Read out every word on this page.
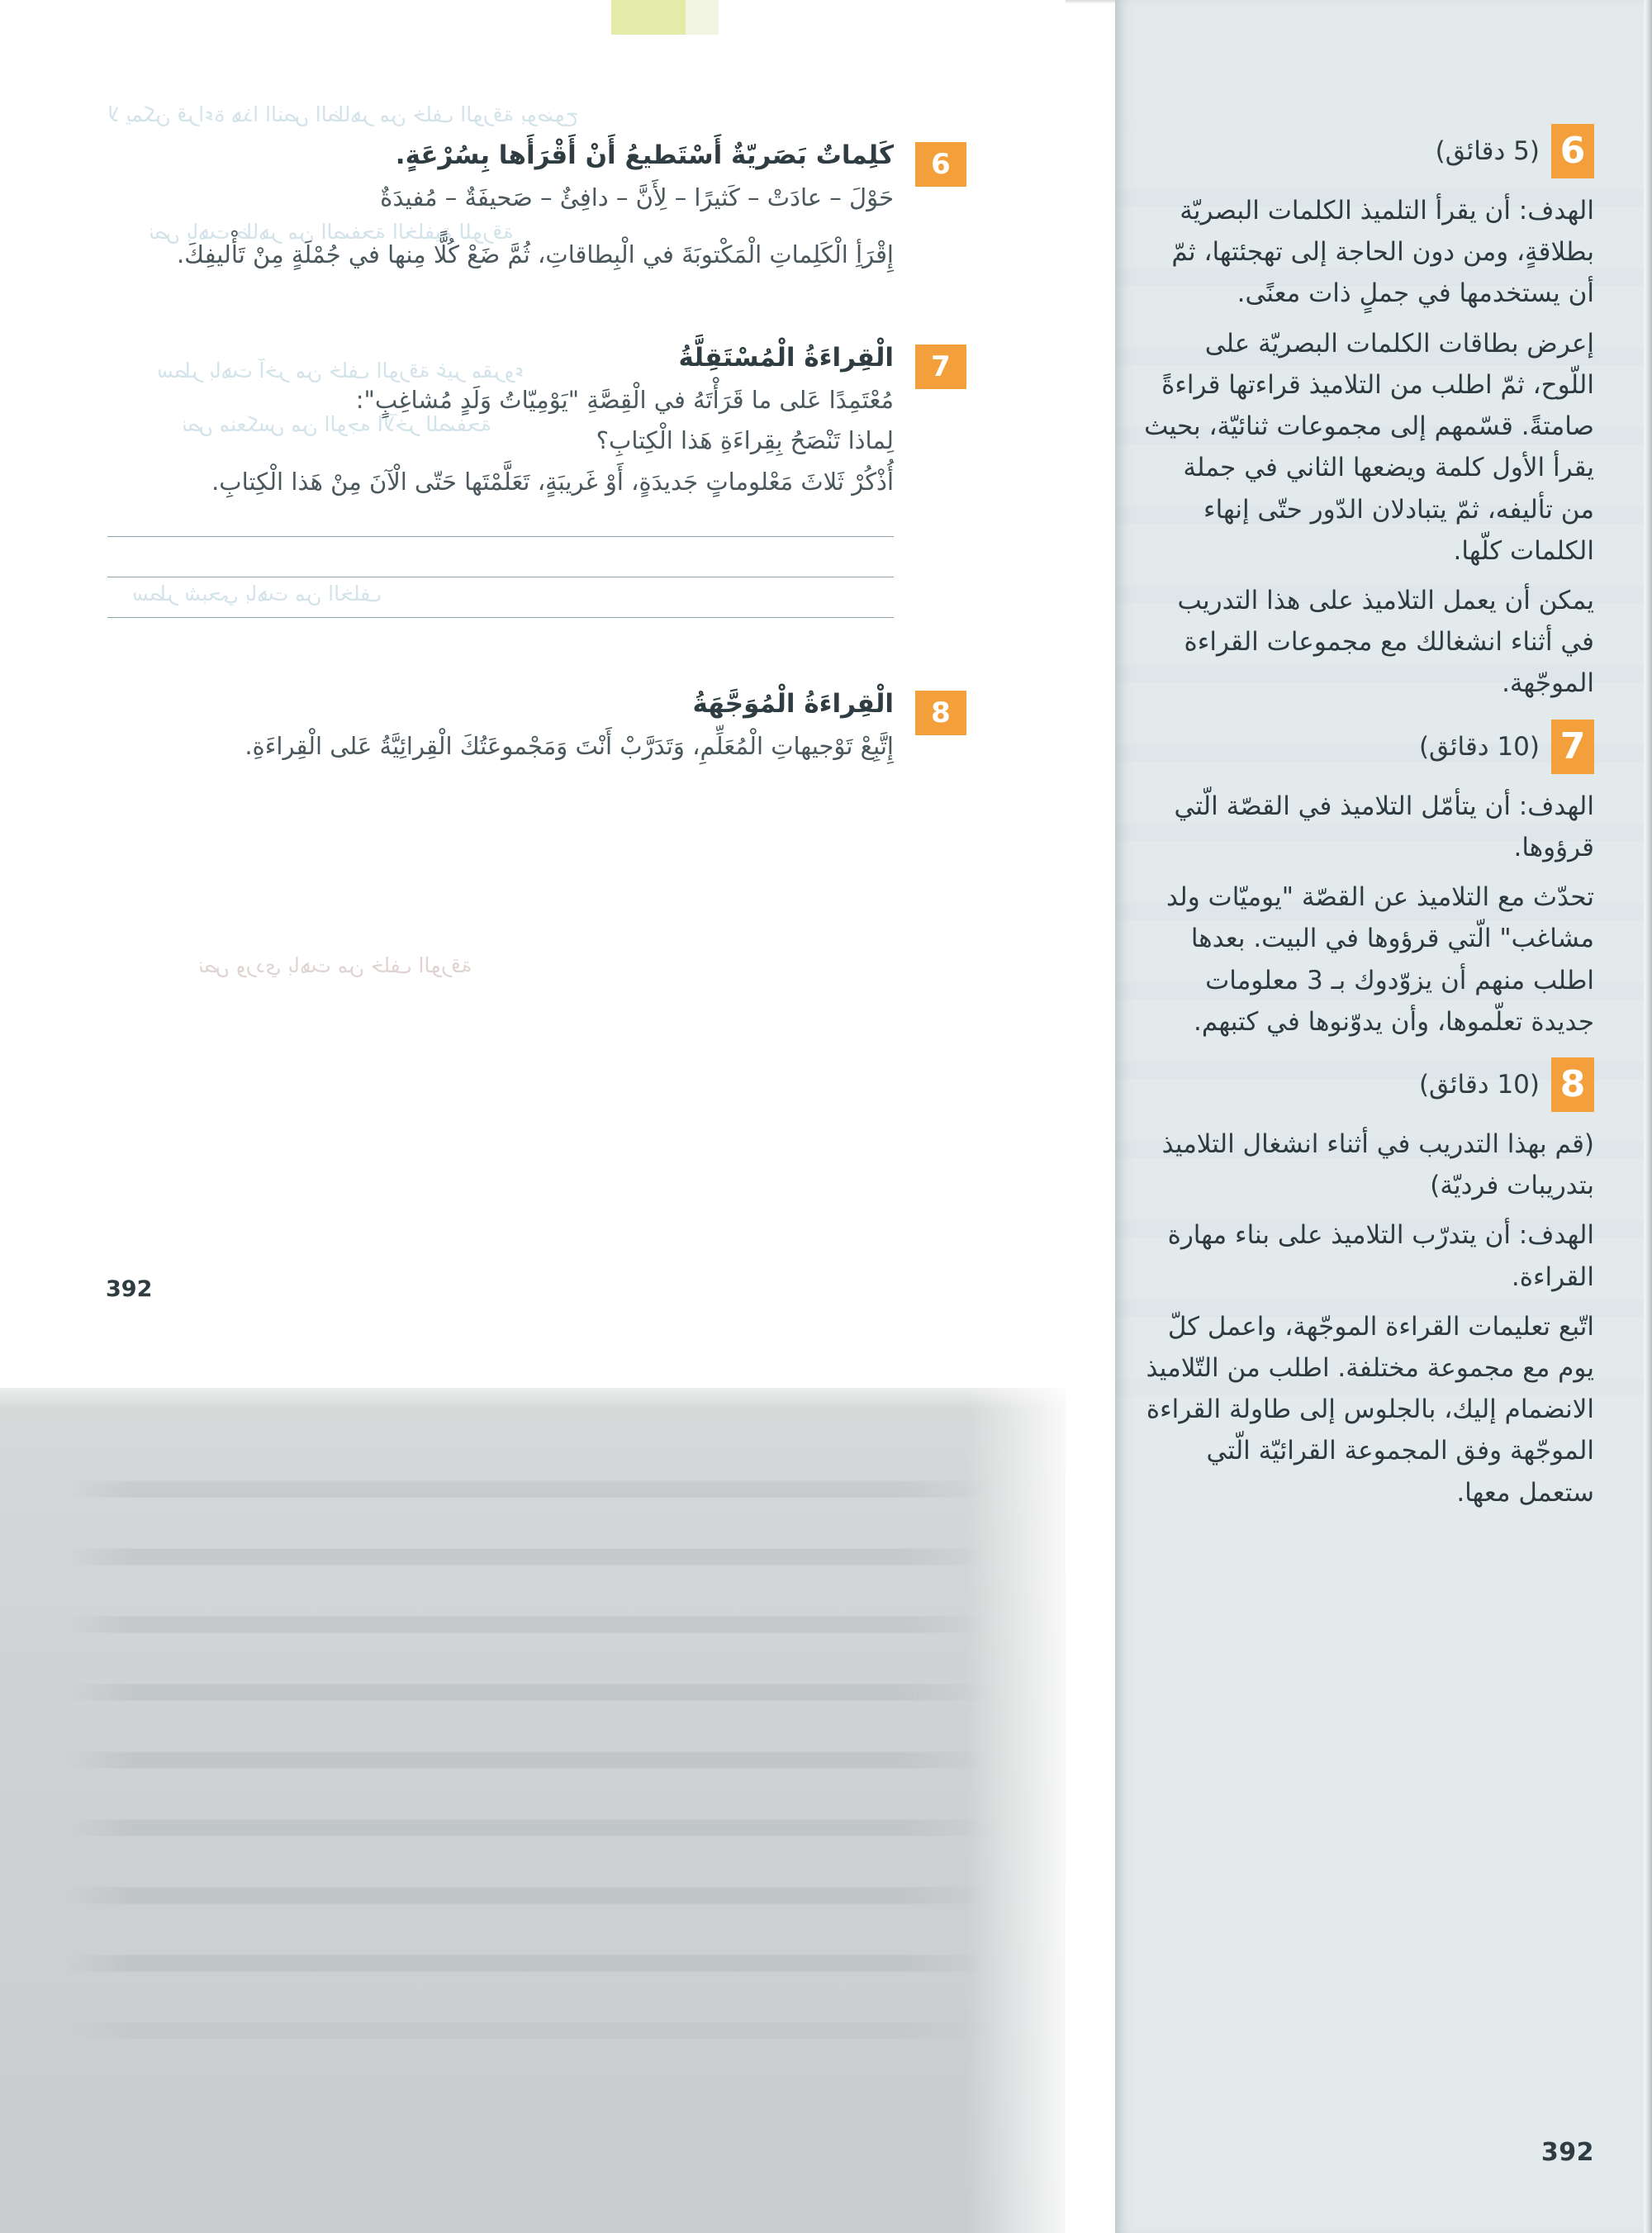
لا يمكن قراءة هذا النص الظاهر من خلف الورقة بوضوح
نص باهت ظاهر من الصفحة الخلفية للورقة
سطر باهت آخر من خلف الورقة غير مقروء
نص منعكس من الوجه الآخر للصفحة
سطر شبحي باهت من الخلف
نص وردي باهت من خلف الورقة
6
كَلِماتٌ بَصَريّةٌ أَسْتَطيعُ أَنْ أَقْرَأَها بِسُرْعَةٍ.
حَوْلَ – عادَتْ – كَثيرًا – لِأَنَّ – دافِئٌ – صَحيفَةٌ – مُفيدَةٌ
إِقْرَأِ الْكَلِماتِ الْمَكْتوبَةَ في الْبِطاقاتِ، ثُمَّ ضَعْ كُلًّا مِنها في جُمْلَةٍ مِنْ تَأْليفِكَ.
7
الْقِراءَةُ الْمُسْتَقِلَّةُ
مُعْتَمِدًا عَلى ما قَرَأْتَهُ في الْقِصَّةِ "يَوْمِيّاتُ وَلَدٍ مُشاغِبٍ":
لِماذا تَنْصَحُ بِقِراءَةِ هَذا الْكِتابِ؟
أُذْكُرْ ثَلاثَ مَعْلوماتٍ جَديدَةٍ، أَوْ غَريبَةٍ، تَعَلَّمْتَها حَتّى الْآنَ مِنْ هَذا الْكِتابِ.
8
الْقِراءَةُ الْمُوَجَّهَةُ
إِتَّبِعْ تَوْجيهاتِ الْمُعَلِّمِ، وَتَدَرَّبْ أَنْتَ وَمَجْموعَتُكَ الْقِرائِيَّةُ عَلى الْقِراءَةِ.
392
6
(5 دقائق)

الهدف: أن يقرأ التلميذ الكلمات البصريّة بطلاقةٍ، ومن دون الحاجة إلى تهجئتها، ثمّ أن يستخدمها في جملٍ ذات معنًى.

إعرض بطاقات الكلمات البصريّة على اللّوح، ثمّ اطلب من التلاميذ قراءتها قراءةً صامتةً. قسّمهم إلى مجموعات ثنائيّة، بحيث يقرأ الأول كلمة ويضعها الثاني في جملة من تأليفه، ثمّ يتبادلان الدّور حتّى إنهاء الكلمات كلّها.

يمكن أن يعمل التلاميذ على هذا التدريب في أثناء انشغالك مع مجموعات القراءة الموجّهة.

7
(10 دقائق)

الهدف: أن يتأمّل التلاميذ في القصّة الّتي قرؤوها.

تحدّث مع التلاميذ عن القصّة "يوميّات ولد مشاغب" الّتي قرؤوها في البيت. بعدها اطلب منهم أن يزوّدوك بـ 3 معلومات جديدة تعلّموها، وأن يدوّنوها في كتبهم.

8
(10 دقائق)

(قم بهذا التدريب في أثناء انشغال التلاميذ بتدريبات فرديّة)

الهدف: أن يتدرّب التلاميذ على بناء مهارة القراءة.

اتّبع تعليمات القراءة الموجّهة، واعمل كلّ يوم مع مجموعة مختلفة. اطلب من التّلاميذ الانضمام إليك، بالجلوس إلى طاولة القراءة الموجّهة وفق المجموعة القرائيّة الّتي ستعمل معها.

392
